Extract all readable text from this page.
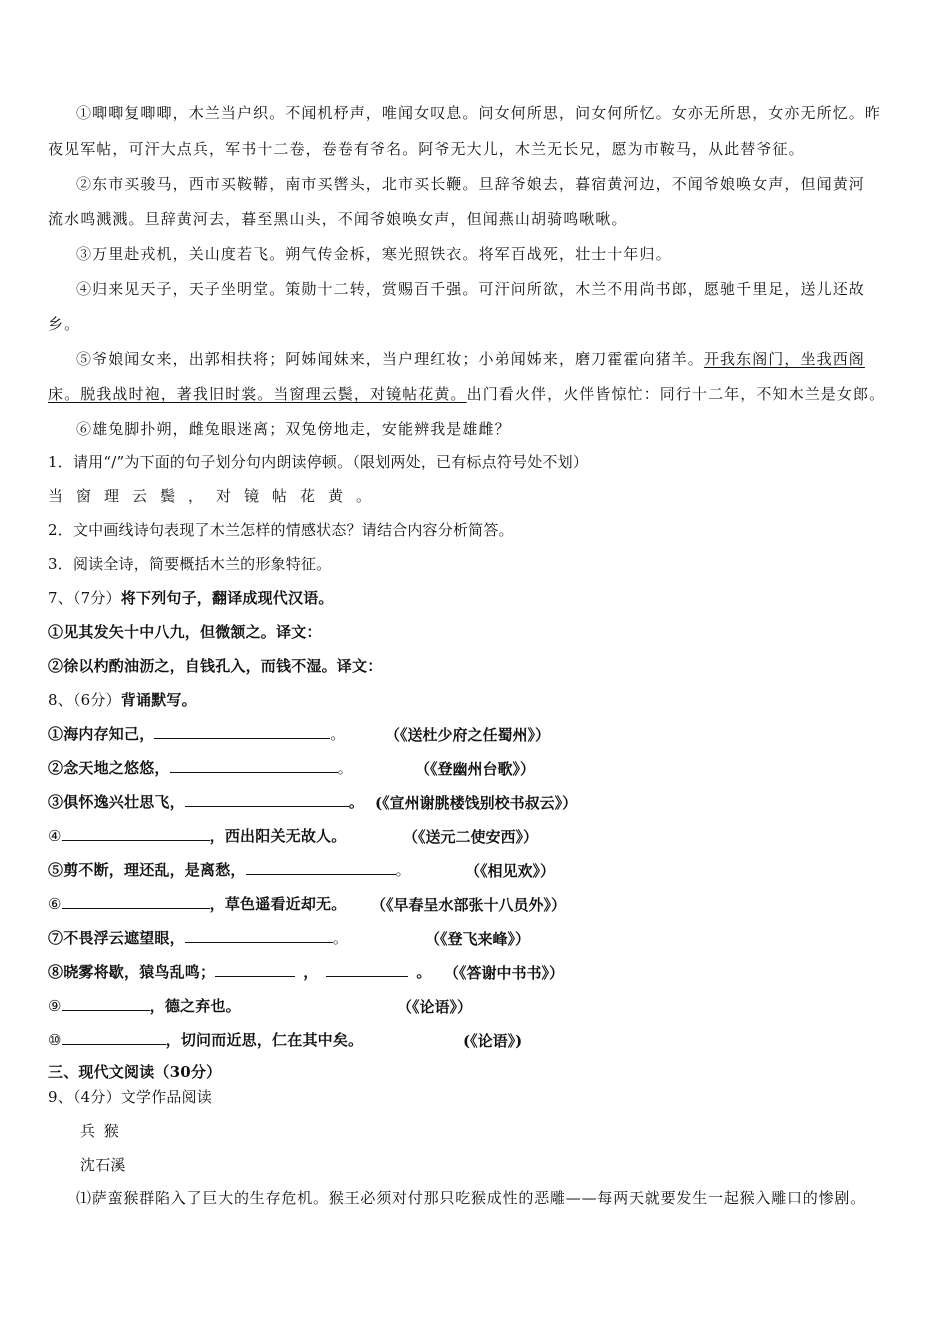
①唧唧复唧唧，木兰当户织。不闻机杼声，唯闻女叹息。问女何所思，问女何所忆。女亦无所思，女亦无所忆。昨
夜见军帖，可汗大点兵，军书十二卷，卷卷有爷名。阿爷无大儿，木兰无长兄，愿为市鞍马，从此替爷征。
②东市买骏马，西市买鞍鞯，南市买辔头，北市买长鞭。旦辞爷娘去，暮宿黄河边，不闻爷娘唤女声，但闻黄河
流水鸣溅溅。旦辞黄河去，暮至黑山头，不闻爷娘唤女声，但闻燕山胡骑鸣啾啾。
③万里赴戎机，关山度若飞。朔气传金柝，寒光照铁衣。将军百战死，壮士十年归。
④归来见天子，天子坐明堂。策勋十二转，赏赐百千强。可汗问所欲，木兰不用尚书郎，愿驰千里足，送儿还故
乡。
⑤爷娘闻女来，出郭相扶将；阿姊闻妹来，当户理红妆；小弟闻姊来，磨刀霍霍向猪羊。开我东阁门，坐我西阁
床。脱我战时袍，著我旧时裳。当窗理云鬓，对镜帖花黄。出门看火伴，火伴皆惊忙：同行十二年，不知木兰是女郎。
⑥雄兔脚扑朔，雌兔眼迷离；双兔傍地走，安能辨我是雄雌？
1．请用“/”为下面的句子划分句内朗读停顿。（限划两处，已有标点符号处不划）
当窗理云鬓，对镜帖花黄。
2．文中画线诗句表现了木兰怎样的情感状态？请结合内容分析简答。
3．阅读全诗，简要概括木兰的形象特征。
7、（7分）将下列句子，翻译成现代汉语。
①见其发矢十中八九，但微颔之。译文：
②徐以杓酌油沥之，自钱孔入，而钱不湿。译文：
8、（6分）背诵默写。
①海内存知己，	。	（《送杜少府之任蜀州》）
②念天地之悠悠，	。	（《登幽州台歌》）
③俱怀逸兴壮思飞，	。 (《宣州谢朓楼饯别校书叔云》）
④	，西出阳关无故人。	（《送元二使安西》）
⑤剪不断，理还乱，是离愁，	。	（《相见欢》）
⑥	，草色遥看近却无。	（《早春呈水部张十八员外》）
⑦不畏浮云遮望眼，	。	（《登飞来峰》）
⑧晓雾将歇，猿鸟乱鸣；	，	。 （《答谢中书书》）
⑨	，德之弃也。	（《论语》）
⑩	，切问而近思，仁在其中矣。	(《论语》)
三、现代文阅读（30分）
9、（4分）文学作品阅读
兵 猴
沈石溪
⑴萨蛮猴群陷入了巨大的生存危机。猴王必须对付那只吃猴成性的恶雕——每两天就要发生一起猴入雕口的惨剧。
